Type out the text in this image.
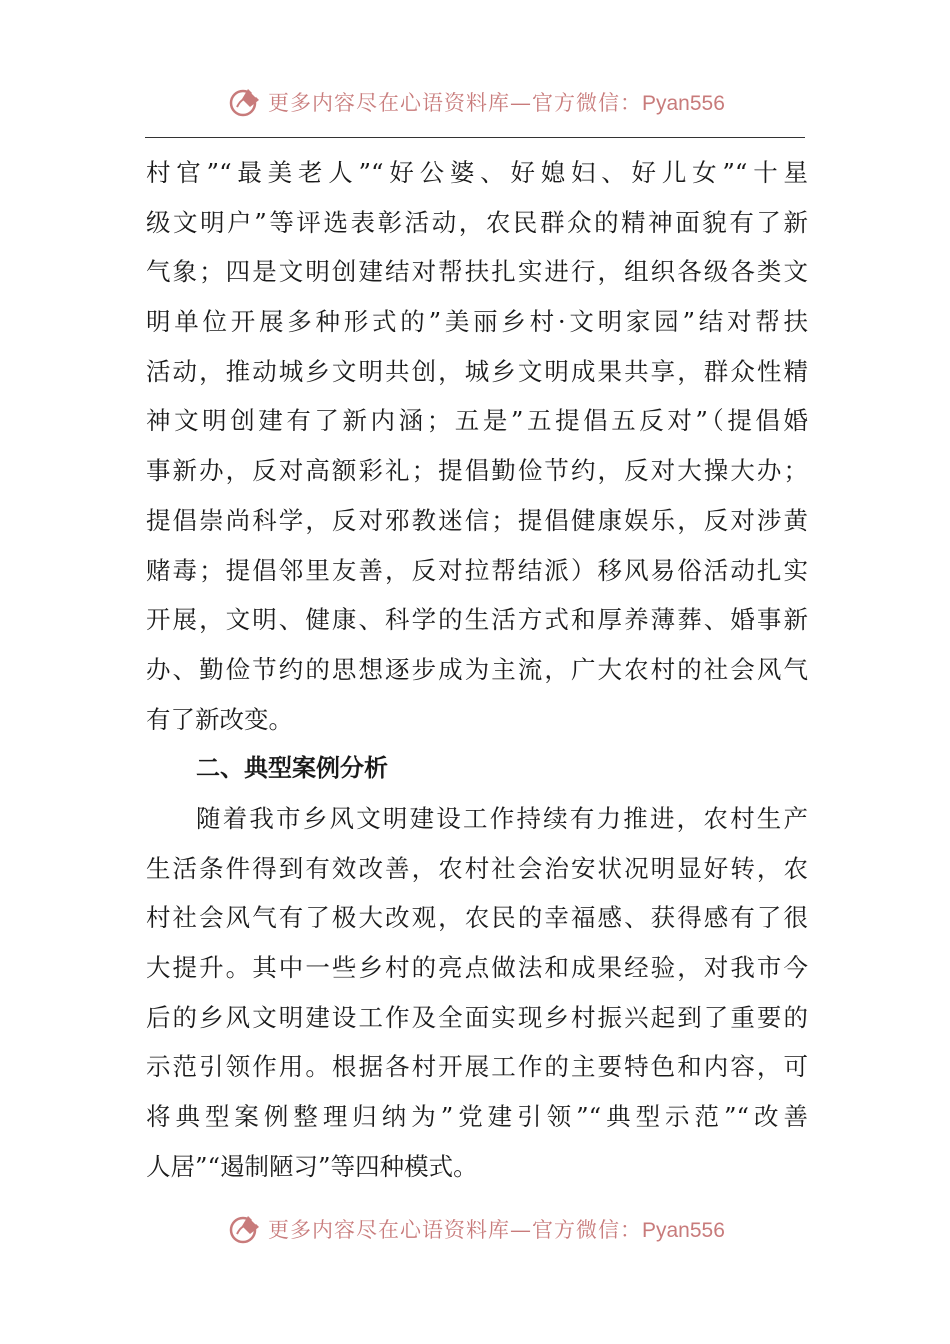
更多内容尽在心语资料库—官方微信：Pyan556
村官”“最美老人”“好公婆、好媳妇、好儿女”“十星
级文明户”等评选表彰活动，农民群众的精神面貌有了新
气象；四是文明创建结对帮扶扎实进行，组织各级各类文
明单位开展多种形式的”美丽乡村·文明家园”结对帮扶
活动，推动城乡文明共创，城乡文明成果共享，群众性精
神文明创建有了新内涵；五是”五提倡五反对”（提倡婚
事新办，反对高额彩礼；提倡勤俭节约，反对大操大办；
提倡崇尚科学，反对邪教迷信；提倡健康娱乐，反对涉黄
赌毒；提倡邻里友善，反对拉帮结派）移风易俗活动扎实
开展，文明、健康、科学的生活方式和厚养薄葬、婚事新
办、勤俭节约的思想逐步成为主流，广大农村的社会风气
有了新改变。
二、典型案例分析
随着我市乡风文明建设工作持续有力推进，农村生产
生活条件得到有效改善，农村社会治安状况明显好转，农
村社会风气有了极大改观，农民的幸福感、获得感有了很
大提升。其中一些乡村的亮点做法和成果经验，对我市今
后的乡风文明建设工作及全面实现乡村振兴起到了重要的
示范引领作用。根据各村开展工作的主要特色和内容，可
将典型案例整理归纳为”党建引领”“典型示范”“改善
人居”“遏制陋习”等四种模式。
更多内容尽在心语资料库—官方微信：Pyan556
